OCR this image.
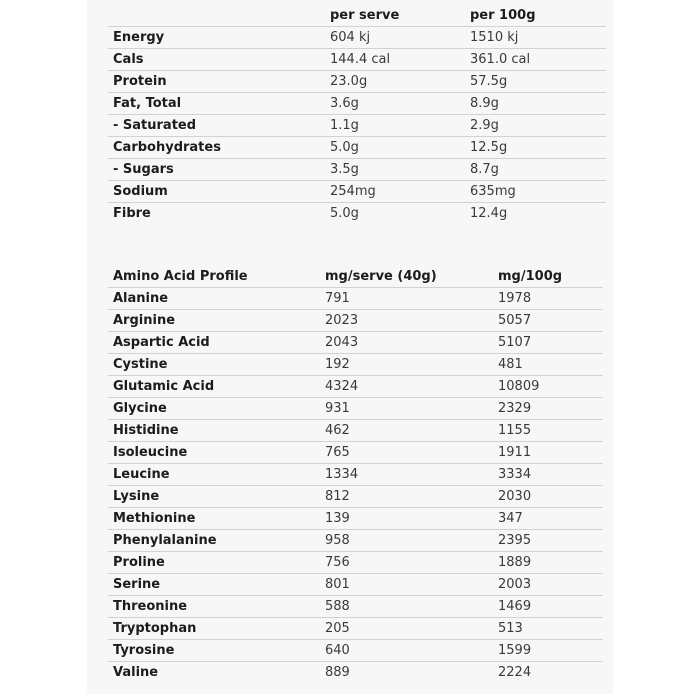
	per serve	per 100g
Energy	604 kj	1510 kj
Cals	144.4 cal	361.0 cal
Protein	23.0g	57.5g
Fat, Total	3.6g	8.9g
- Saturated	1.1g	2.9g
Carbohydrates	5.0g	12.5g
- Sugars	3.5g	8.7g
Sodium	254mg	635mg
Fibre	5.0g	12.4g
Amino Acid Profile	mg/serve (40g)	mg/100g
Alanine	791	1978
Arginine	2023	5057
Aspartic Acid	2043	5107
Cystine	192	481
Glutamic Acid	4324	10809
Glycine	931	2329
Histidine	462	1155
Isoleucine	765	1911
Leucine	1334	3334
Lysine	812	2030
Methionine	139	347
Phenylalanine	958	2395
Proline	756	1889
Serine	801	2003
Threonine	588	1469
Tryptophan	205	513
Tyrosine	640	1599
Valine	889	2224
